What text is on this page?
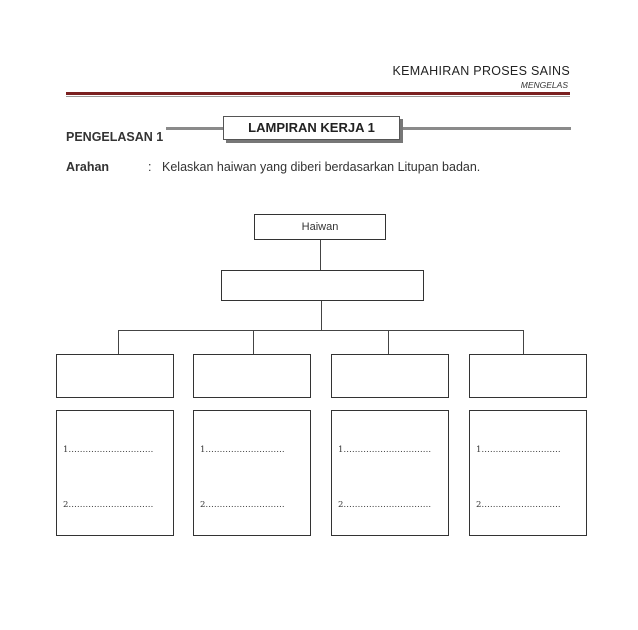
KEMAHIRAN PROSES SAINS
MENGELAS
PENGELASAN 1
LAMPIRAN KERJA 1
Arahan	: Kelaskan haiwan yang diberi berdasarkan Litupan badan.
Haiwan
1…………………………
2…………………………
1……………………….
2……………………….
1………………………….
2………………………….
1……………………….
2……………………….
